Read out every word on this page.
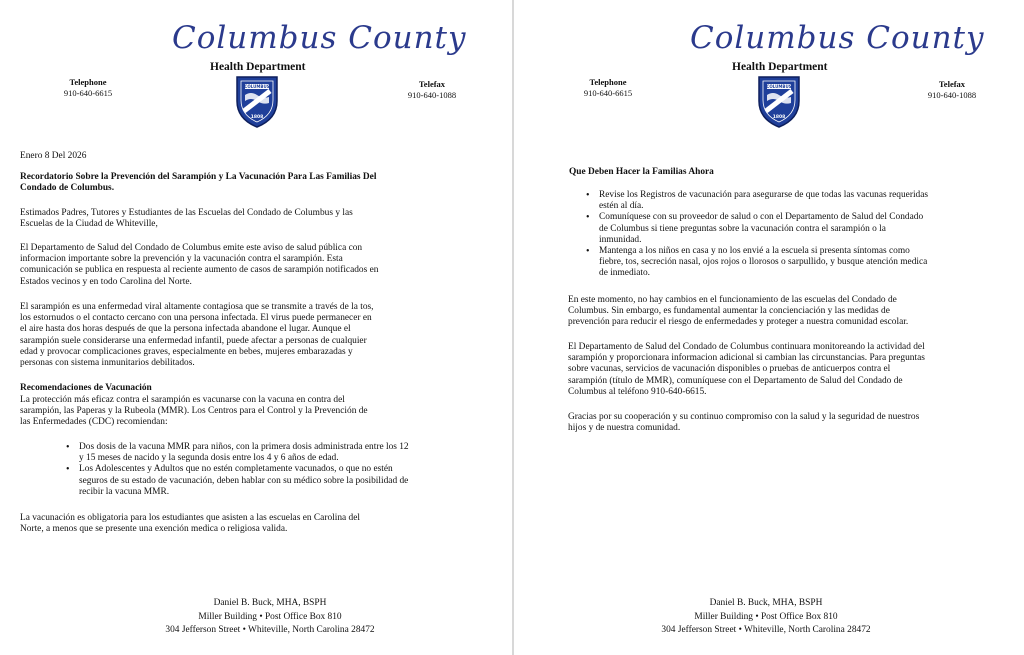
Columbus County
Health Department
Telephone
910-640-6615
Telefax
910-640-1088
COLUMBUS
1808
Enero 8 Del 2026
Recordatorio Sobre la Prevención del Sarampión y La Vacunación Para Las Familias Del
Condado de Columbus.
Estimados Padres, Tutores y Estudiantes de las Escuelas del Condado de Columbus y las
Escuelas de la Ciudad de Whiteville,
El Departamento de Salud del Condado de Columbus emite este aviso de salud pública con
informacion importante sobre la prevención y la vacunación contra el sarampión. Esta
comunicación se publica en respuesta al reciente aumento de casos de sarampión notificados en
Estados vecinos y en todo Carolina del Norte.
El sarampión es una enfermedad viral altamente contagiosa que se transmite a través de la tos,
los estornudos o el contacto cercano con una persona infectada. El virus puede permanecer en
el aire hasta dos horas después de que la persona infectada abandone el lugar. Aunque el
sarampión suele considerarse una enfermedad infantil, puede afectar a personas de cualquier
edad y provocar complicaciones graves, especialmente en bebes, mujeres embarazadas y
personas con sistema inmunitarios debilitados.
Recomendaciones de Vacunación
La protección más eficaz contra el sarampión es vacunarse con la vacuna en contra del
sarampión, las Paperas y la Rubeola (MMR). Los Centros para el Control y la Prevención de
las Enfermedades (CDC) recomiendan:
• Dos dosis de la vacuna MMR para niños, con la primera dosis administrada entre los 12
y 15 meses de nacido y la segunda dosis entre los 4 y 6 años de edad.
• Los Adolescentes y Adultos que no estén completamente vacunados, o que no estén
seguros de su estado de vacunación, deben hablar con su médico sobre la posibilidad de
recibir la vacuna MMR.
La vacunación es obligatoria para los estudiantes que asisten a las escuelas en Carolina del
Norte, a menos que se presente una exención medica o religiosa valida.
Daniel B. Buck, MHA, BSPH
Miller Building • Post Office Box 810
304 Jefferson Street • Whiteville, North Carolina 28472
Columbus County
Health Department
Telephone
910-640-6615
Telefax
910-640-1088
COLUMBUS
1808
Que Deben Hacer la Familias Ahora
• Revise los Registros de vacunación para asegurarse de que todas las vacunas requeridas
estén al día.
• Comuníquese con su proveedor de salud o con el Departamento de Salud del Condado
de Columbus si tiene preguntas sobre la vacunación contra el sarampión o la
inmunidad.
• Mantenga a los niños en casa y no los envié a la escuela si presenta síntomas como
fiebre, tos, secreción nasal, ojos rojos o llorosos o sarpullido, y busque atención medica
de inmediato.
En este momento, no hay cambios en el funcionamiento de las escuelas del Condado de
Columbus. Sin embargo, es fundamental aumentar la concienciación y las medidas de
prevención para reducir el riesgo de enfermedades y proteger a nuestra comunidad escolar.
El Departamento de Salud del Condado de Columbus continuara monitoreando la actividad del
sarampión y proporcionara informacion adicional si cambian las circunstancias. Para preguntas
sobre vacunas, servicios de vacunación disponibles o pruebas de anticuerpos contra el
sarampión (título de MMR), comuníquese con el Departamento de Salud del Condado de
Columbus al teléfono 910-640-6615.
Gracias por su cooperación y su continuo compromiso con la salud y la seguridad de nuestros
hijos y de nuestra comunidad.
Daniel B. Buck, MHA, BSPH
Miller Building • Post Office Box 810
304 Jefferson Street • Whiteville, North Carolina 28472
